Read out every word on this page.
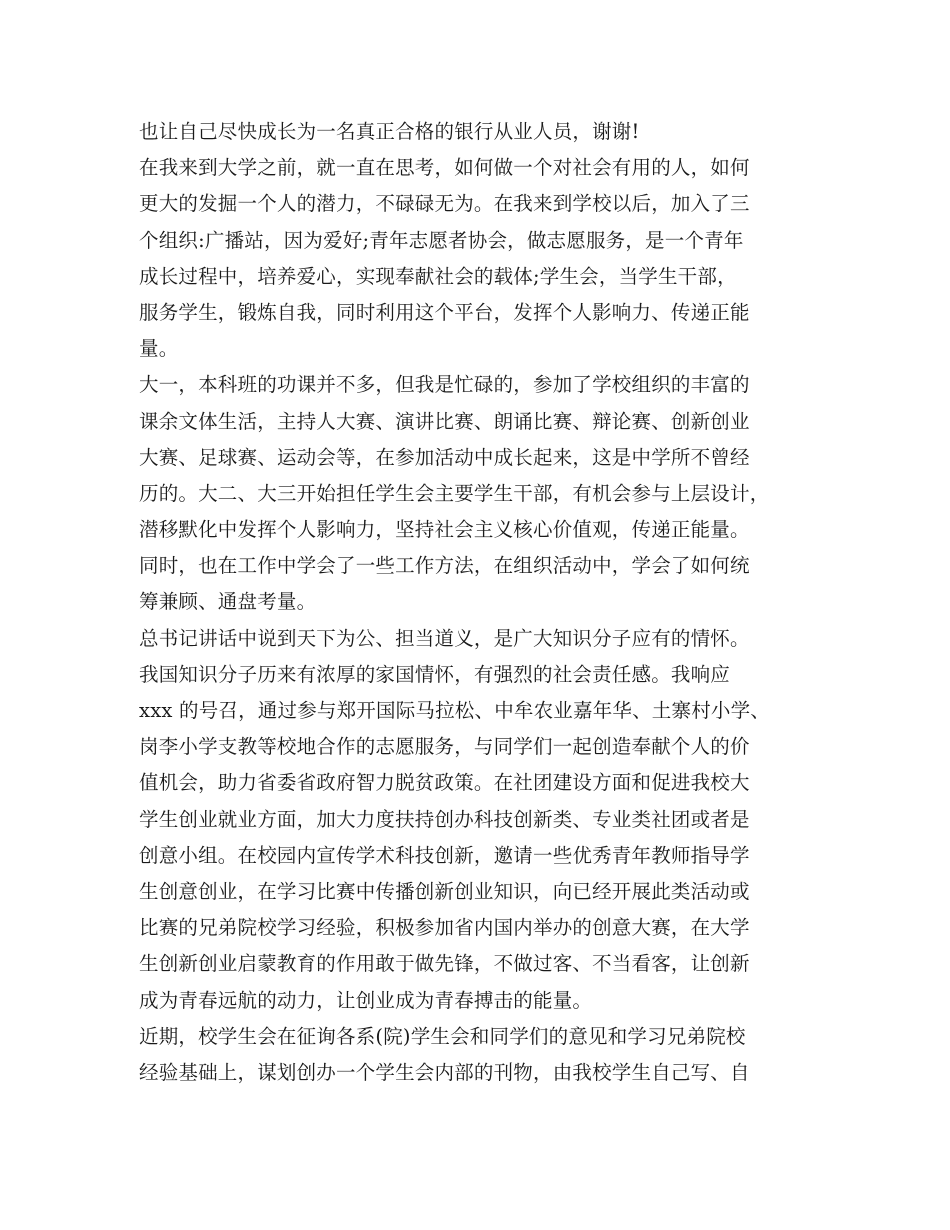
也让自己尽快成长为一名真正合格的银行从业人员，谢谢!
在我来到大学之前，就一直在思考，如何做一个对社会有用的人，如何
更大的发掘一个人的潜力，不碌碌无为。在我来到学校以后，加入了三
个组织:广播站，因为爱好;青年志愿者协会，做志愿服务，是一个青年
成长过程中，培养爱心，实现奉献社会的载体;学生会，当学生干部，
服务学生，锻炼自我，同时利用这个平台，发挥个人影响力、传递正能
量。
大一，本科班的功课并不多，但我是忙碌的，参加了学校组织的丰富的
课余文体生活，主持人大赛、演讲比赛、朗诵比赛、辩论赛、创新创业
大赛、足球赛、运动会等，在参加活动中成长起来，这是中学所不曾经
历的。大二、大三开始担任学生会主要学生干部，有机会参与上层设计，
潜移默化中发挥个人影响力，坚持社会主义核心价值观，传递正能量。
同时，也在工作中学会了一些工作方法，在组织活动中，学会了如何统
筹兼顾、通盘考量。
总书记讲话中说到天下为公、担当道义，是广大知识分子应有的情怀。
我国知识分子历来有浓厚的家国情怀，有强烈的社会责任感。我响应
xxx 的号召，通过参与郑开国际马拉松、中牟农业嘉年华、土寨村小学、
岗李小学支教等校地合作的志愿服务，与同学们一起创造奉献个人的价
值机会，助力省委省政府智力脱贫政策。在社团建设方面和促进我校大
学生创业就业方面，加大力度扶持创办科技创新类、专业类社团或者是
创意小组。在校园内宣传学术科技创新，邀请一些优秀青年教师指导学
生创意创业，在学习比赛中传播创新创业知识，向已经开展此类活动或
比赛的兄弟院校学习经验，积极参加省内国内举办的创意大赛，在大学
生创新创业启蒙教育的作用敢于做先锋，不做过客、不当看客，让创新
成为青春远航的动力，让创业成为青春搏击的能量。
近期，校学生会在征询各系(院)学生会和同学们的意见和学习兄弟院校
经验基础上，谋划创办一个学生会内部的刊物，由我校学生自己写、自
